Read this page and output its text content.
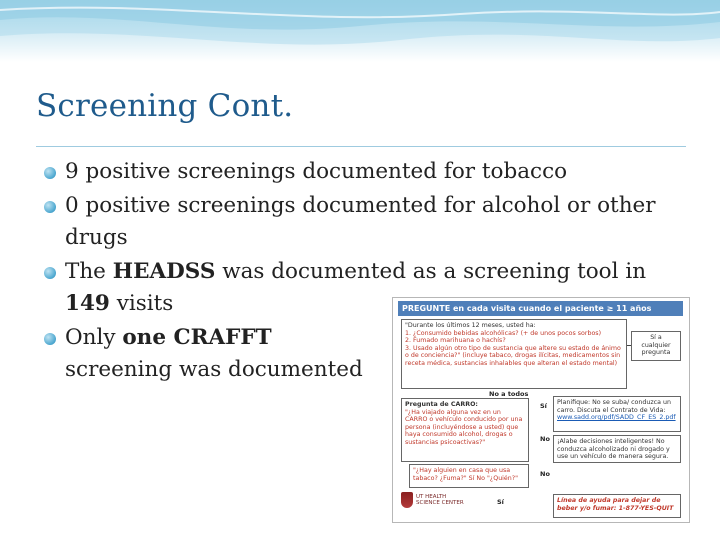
Screening Cont.
9 positive screenings documented for tobacco
0 positive screenings documented for alcohol or other drugs
The HEADSS was documented as a screening tool in 149 visits
Only one CRAFFT screening was documented
PREGUNTE en cada visita cuando el paciente ≥ 11 años
"Durante los últimos 12 meses, usted ha:
1. ¿Consumido bebidas alcohólicas? (+ de unos pocos sorbos)
2. Fumado marihuana o hachís?
3. Usado algún otro tipo de sustancia que altere su estado de ánimo o de conciencia?" (incluye tabaco, drogas ilícitas, medicamentos sin receta médica, sustancias inhalables que alteran el estado mental)
Sí a cualquier pregunta
No a todos
Pregunta de CARRO:
"¿Ha viajado alguna vez en un CARRO o vehículo conducido por una persona (incluyéndose a usted) que haya consumido alcohol, drogas o sustancias psicoactivas?"
Sí
No
Planifique: No se suba/ conduzca un carro. Discuta el Contrato de Vida:
www.sadd.org/pdf/SADD_CF_ES_2.pdf
¡Alabe decisiones inteligentes! No conduzca alcoholizado ni drogado y use un vehículo de manera segura.
"¿Hay alguien en casa que usa tabaco? ¿Fuma?" Sí No "¿Quién?"
No
Sí	Línea de ayuda para dejar de beber y/o fumar: 1-877-YES-QUIT
UT HEALTH SCIENCE CENTER
